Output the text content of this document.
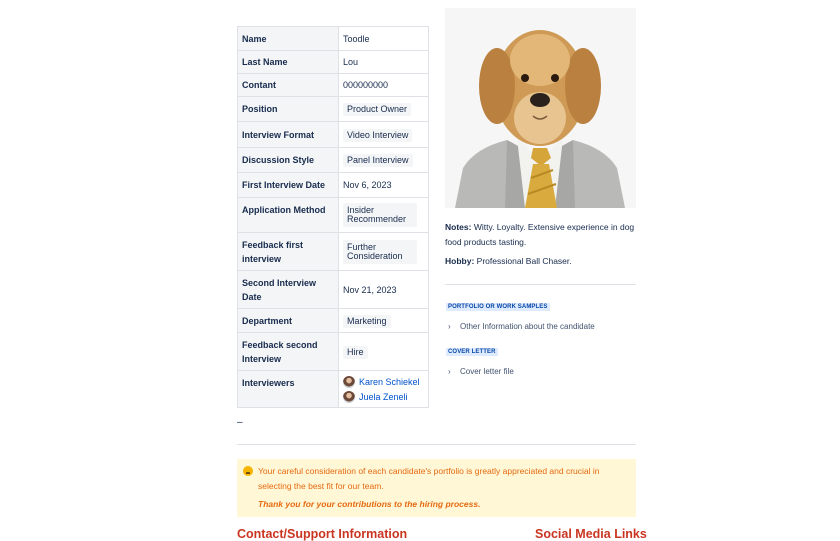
Name	Toodle
Last Name	Lou
Contant	000000000
Position	Product Owner
Interview Format	Video Interview
Discussion Style	Panel Interview
First Interview Date	Nov 6, 2023
Application Method	Insider Recommender

Feedback first interview	Further Consideration

Second Interview Date	Nov 21, 2023
Department	Marketing
Feedback second Interview	Hire
Interviewers	Karen Schiekel
Juela Zeneli
Notes: Witty. Loyalty. Extensive experience in dog food products tasting.
Hobby: Professional Ball Chaser.
PORTFOLIO OR WORK SAMPLES
›	Other Information about the candidate
COVER LETTER
›	Cover letter file
–
Your careful consideration of each candidate's portfolio is greatly appreciated and crucial in selecting the best fit for our team.
Thank you for your contributions to the hiring process.
Contact/Support Information	Social Media Links
